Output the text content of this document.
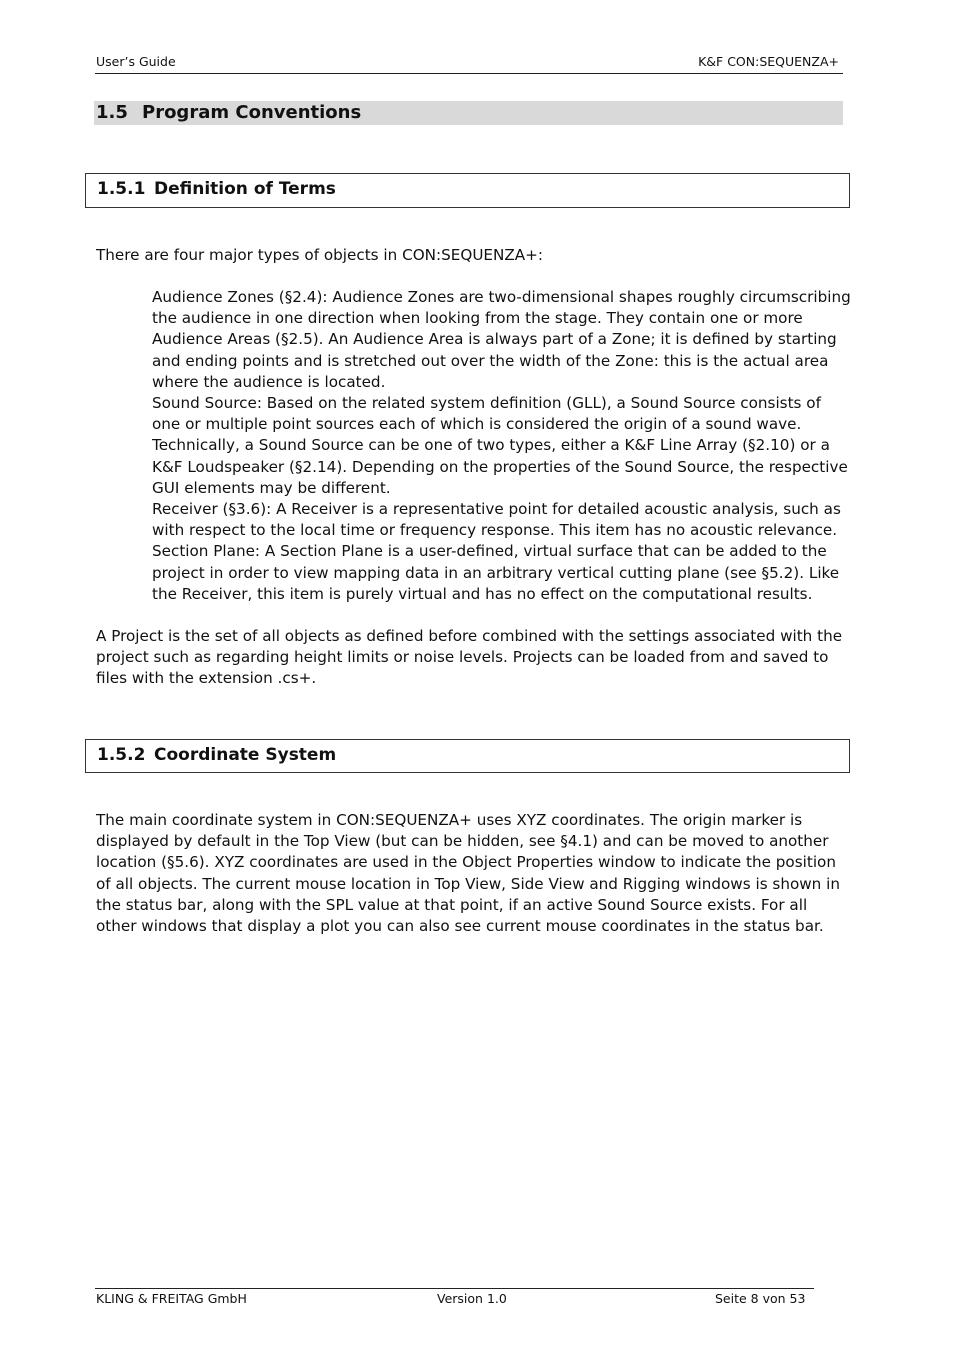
User’s Guide	K&F CON:SEQUENZA+
1.5 Program Conventions
1.5.1 Definition of Terms
There are four major types of objects in CON:SEQUENZA+:

Audience Zones (§2.4): Audience Zones are two-dimensional shapes roughly circumscribing the audience in one direction when looking from the stage. They contain one or more Audience Areas (§2.5). An Audience Area is always part of a Zone; it is defined by starting and ending points and is stretched out over the width of the Zone: this is the actual area where the audience is located.

Sound Source: Based on the related system definition (GLL), a Sound Source consists of one or multiple point sources each of which is considered the origin of a sound wave. Technically, a Sound Source can be one of two types, either a K&F Line Array (§2.10) or a K&F Loudspeaker (§2.14). Depending on the properties of the Sound Source, the respective GUI elements may be different.

Receiver (§3.6): A Receiver is a representative point for detailed acoustic analysis, such as with respect to the local time or frequency response. This item has no acoustic relevance.

Section Plane: A Section Plane is a user-defined, virtual surface that can be added to the project in order to view mapping data in an arbitrary vertical cutting plane (see §5.2). Like the Receiver, this item is purely virtual and has no effect on the computational results.

A Project is the set of all objects as defined before combined with the settings associated with the project such as regarding height limits or noise levels. Projects can be loaded from and saved to files with the extension .cs+.
1.5.2 Coordinate System
The main coordinate system in CON:SEQUENZA+ uses XYZ coordinates. The origin marker is displayed by default in the Top View (but can be hidden, see §4.1) and can be moved to another location (§5.6). XYZ coordinates are used in the Object Properties window to indicate the position of all objects. The current mouse location in Top View, Side View and Rigging windows is shown in the status bar, along with the SPL value at that point, if an active Sound Source exists. For all other windows that display a plot you can also see current mouse coordinates in the status bar.
KLING & FREITAG GmbH	Version 1.0	Seite 8 von 53
